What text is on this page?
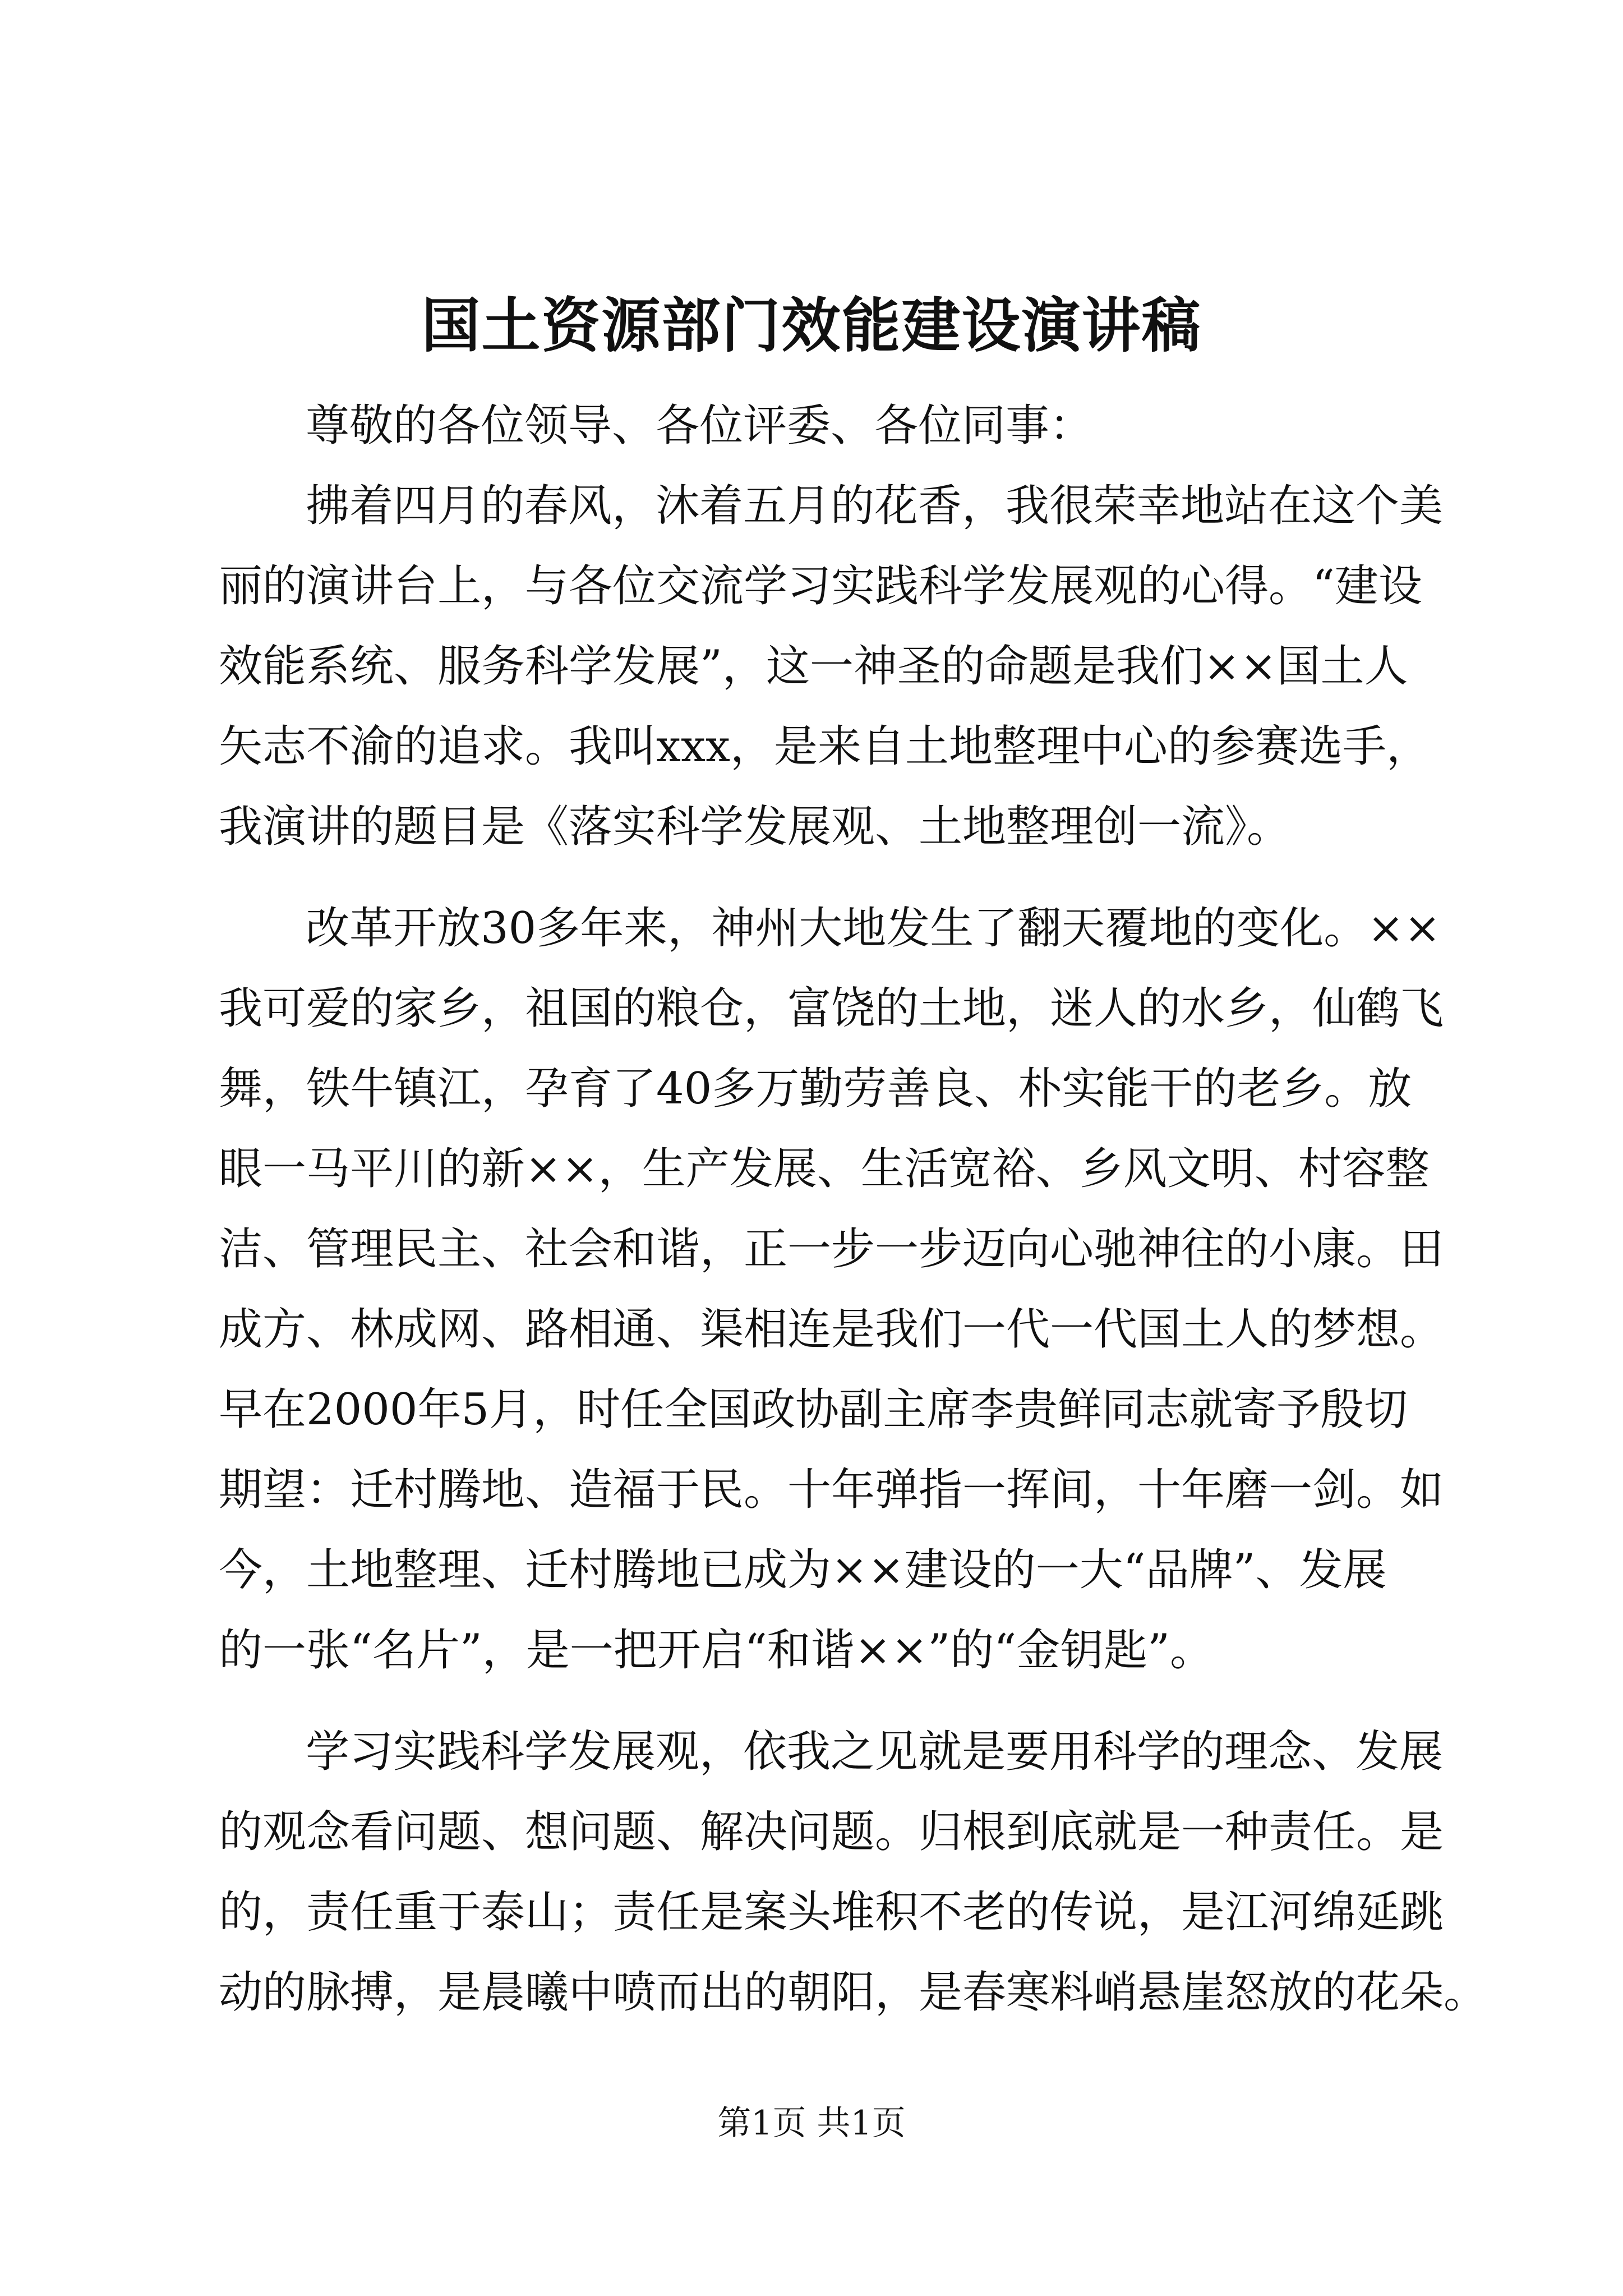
国土资源部门效能建设演讲稿
尊敬的各位领导、各位评委、各位同事：
拂着四月的春风，沐着五月的花香，我很荣幸地站在这个美
丽的演讲台上，与各位交流学习实践科学发展观的心得。“建设
效能系统、服务科学发展”，这一神圣的命题是我们××国土人
矢志不渝的追求。我叫xxx，是来自土地整理中心的参赛选手，
我演讲的题目是《落实科学发展观、土地整理创一流》。
改革开放30多年来，神州大地发生了翻天覆地的变化。××
我可爱的家乡，祖国的粮仓，富饶的土地，迷人的水乡，仙鹤飞
舞，铁牛镇江，孕育了40多万勤劳善良、朴实能干的老乡。放
眼一马平川的新××，生产发展、生活宽裕、乡风文明、村容整
洁、管理民主、社会和谐，正一步一步迈向心驰神往的小康。田
成方、林成网、路相通、渠相连是我们一代一代国土人的梦想。
早在2000年5月，时任全国政协副主席李贵鲜同志就寄予殷切
期望：迁村腾地、造福于民。十年弹指一挥间，十年磨一剑。如
今，土地整理、迁村腾地已成为××建设的一大“品牌”、发展
的一张“名片”，是一把开启“和谐××”的“金钥匙”。
学习实践科学发展观，依我之见就是要用科学的理念、发展
的观念看问题、想问题、解决问题。归根到底就是一种责任。是
的，责任重于泰山；责任是案头堆积不老的传说，是江河绵延跳
动的脉搏，是晨曦中喷而出的朝阳，是春寒料峭悬崖怒放的花朵。
第1页 共1页
